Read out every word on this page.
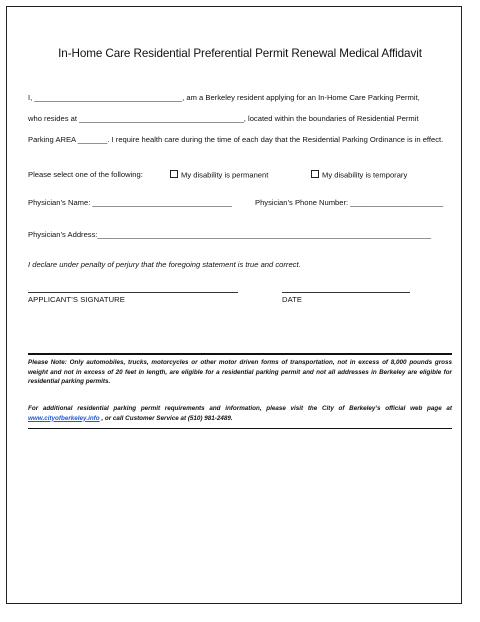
In-Home Care Residential Preferential Permit Renewal Medical Affidavit
I, ___________________________________, am a Berkeley resident applying for an In-Home Care Parking Permit,
who resides at _______________________________________, located within the boundaries of Residential Permit
Parking AREA _______. I require health care during the time of each day that the Residential Parking Ordinance is in effect.
Please select one of the following:	My disability is permanent	My disability is temporary
Physician’s Name: _________________________________	Physician’s Phone Number: ______________________
Physician’s Address:_______________________________________________________________________________
I declare under penalty of perjury that the foregoing statement is true and correct.
APPLICANT’S SIGNATURE	DATE
Please Note: Only automobiles, trucks, motorcycles or other motor driven forms of transportation, not in excess of 8,000 pounds gross weight and not in excess of 20 feet in length, are eligible for a residential parking permit and not all addresses in Berkeley are eligible for residential parking permits.
For additional residential parking permit requirements and information, please visit the City of Berkeley’s official web page at www.cityofberkeley.info , or call Customer Service at (510) 981-2489.
